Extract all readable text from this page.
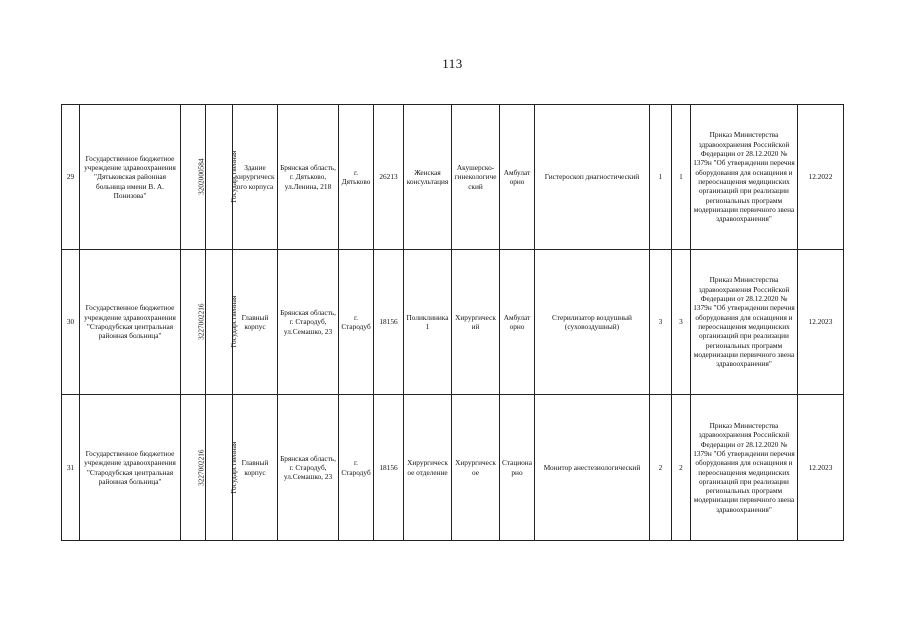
113
29	Государственное бюджетное учреждение здравоохранения "Дятьковская районная больница имени В. А. Понизова"	3202000584	Государственная	Здание хирургического корпуса	Брянская область, г. Дятьково, ул.Ленина, 218	г. Дятьково	26213	Женская консультация	Акушерско-гинекологический	Амбулаторно	Гистероскоп диагностический	1	1	Приказ Министерства здравоохранения Российской Федерации от 28.12.2020 № 1379н "Об утверждении перечня оборудования для оснащения и переоснащения медицинских организаций при реализации региональных программ модернизации первичного звена здравоохранения"	12.2022
30	Государственное бюджетное учреждение здравоохранения "Стародубская центральная районная больница"	3227002216	Государственная	Главный корпус	Брянская область, г. Стародуб, ул.Семашко, 23	г. Стародуб	18156	Поликлиника 1	Хирургический	Амбулаторно	Стерилизатор воздушный (суховоздушный)	3	3	Приказ Министерства здравоохранения Российской Федерации от 28.12.2020 № 1379н "Об утверждении перечня оборудования для оснащения и переоснащения медицинских организаций при реализации региональных программ модернизации первичного звена здравоохранения"	12.2023
31	Государственное бюджетное учреждение здравоохранения "Стародубская центральная районная больница"	3227002216	Государственная	Главный корпус	Брянская область, г. Стародуб, ул.Семашко, 23	г. Стародуб	18156	Хирургическое отделение	Хирургическое	Стационарно	Монитор анестезиологический	2	2	Приказ Министерства здравоохранения Российской Федерации от 28.12.2020 № 1379н "Об утверждении перечня оборудования для оснащения и переоснащения медицинских организаций при реализации региональных программ модернизации первичного звена здравоохранения"	12.2023
